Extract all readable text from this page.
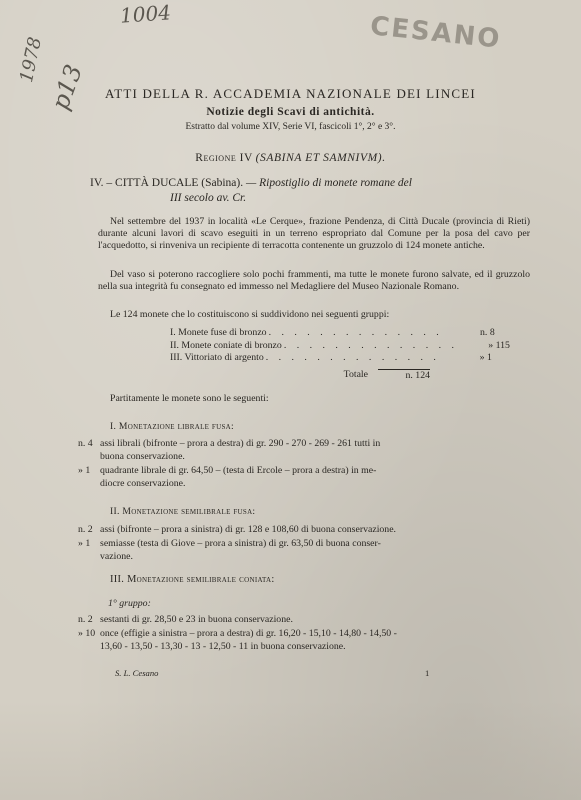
1004
1978
p13
CESANO
ATTI DELLA R. ACCADEMIA NAZIONALE DEI LINCEI
Notizie degli Scavi di antichità.
Estratto dal volume XIV, Serie VI, fascicoli 1°, 2° e 3°.
Regione IV (SABINA ET SAMNIVM).
IV. – CITTÀ DUCALE (Sabina). — Ripostiglio di monete romane del
III secolo av. Cr.
Nel settembre del 1937 in località «Le Cerque», frazione Pendenza, di Città Ducale (provincia di Rieti) durante alcuni lavori di scavo eseguiti in un terreno espropriato dal Comune per la posa del cavo per l'acquedotto, si rinveniva un recipiente di terracotta contenente un gruzzolo di 124 monete antiche.
Del vaso si poterono raccogliere solo pochi frammenti, ma tutte le monete furono salvate, ed il gruzzolo nella sua integrità fu consegnato ed immesso nel Medagliere del Museo Nazionale Romano.
Le 124 monete che lo costituiscono si suddividono nei seguenti gruppi:
I. Monete fuse di bronzo . . . . . . . . . . . . . .	n. 8
II. Monete coniate di bronzo . . . . . . . . . . . . . .	» 115
III. Vittoriato di argento . . . . . . . . . . . . . .	» 1
Totale	n. 124
Partitamente le monete sono le seguenti:
I. Monetazione librale fusa:
n. 4 assi librali (bifronte – prora a destra) di gr. 290 - 270 - 269 - 261 tutti in
buona conservazione.
» 1 quadrante librale di gr. 64,50 – (testa di Ercole – prora a destra) in me-
diocre conservazione.
II. Monetazione semilibrale fusa:
n. 2 assi (bifronte – prora a sinistra) di gr. 128 e 108,60 di buona conservazione.
» 1 semiasse (testa di Giove – prora a sinistra) di gr. 63,50 di buona conser-
vazione.
III. Monetazione semilibrale coniata:
1° gruppo:
n. 2 sestanti di gr. 28,50 e 23 in buona conservazione.
» 10 once (effigie a sinistra – prora a destra) di gr. 16,20 - 15,10 - 14,80 - 14,50 -
13,60 - 13,50 - 13,30 - 13 - 12,50 - 11 in buona conservazione.
S. L. Cesano	1
